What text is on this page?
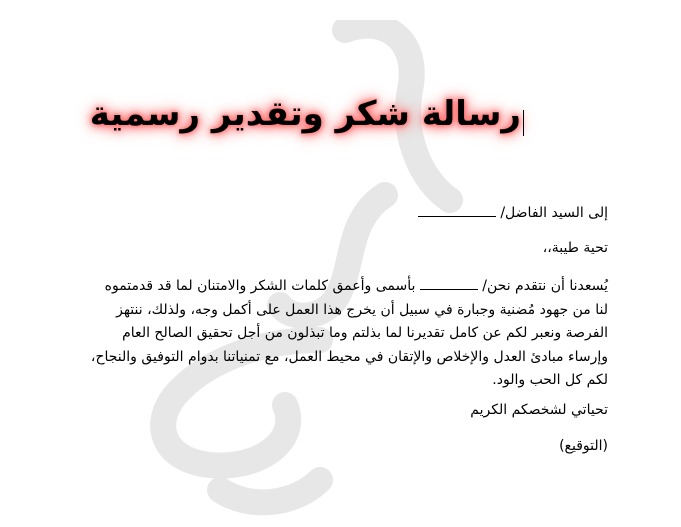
رسالة شكر وتقدير رسمية
إلى السيد الفاضل/
تحية طيبة،،
يُسعدنا أن نتقدم نحن/  بأسمى وأعمق كلمات الشكر والامتنان لما قد قدمتموه لنا من جهود مُضنية وجبارة في سبيل أن يخرج هذا العمل على أكمل وجه، ولذلك، ننتهز الفرصة ونعبر لكم عن كامل تقديرنا لما بذلتم وما تبذلون من أجل تحقيق الصالح العام وإرساء مبادئ العدل والإخلاص والإتقان في محيط العمل، مع تمنياتنا بدوام التوفيق والنجاح، لكم كل الحب والود.
تحياتي لشخصكم الكريم
(التوقيع)
